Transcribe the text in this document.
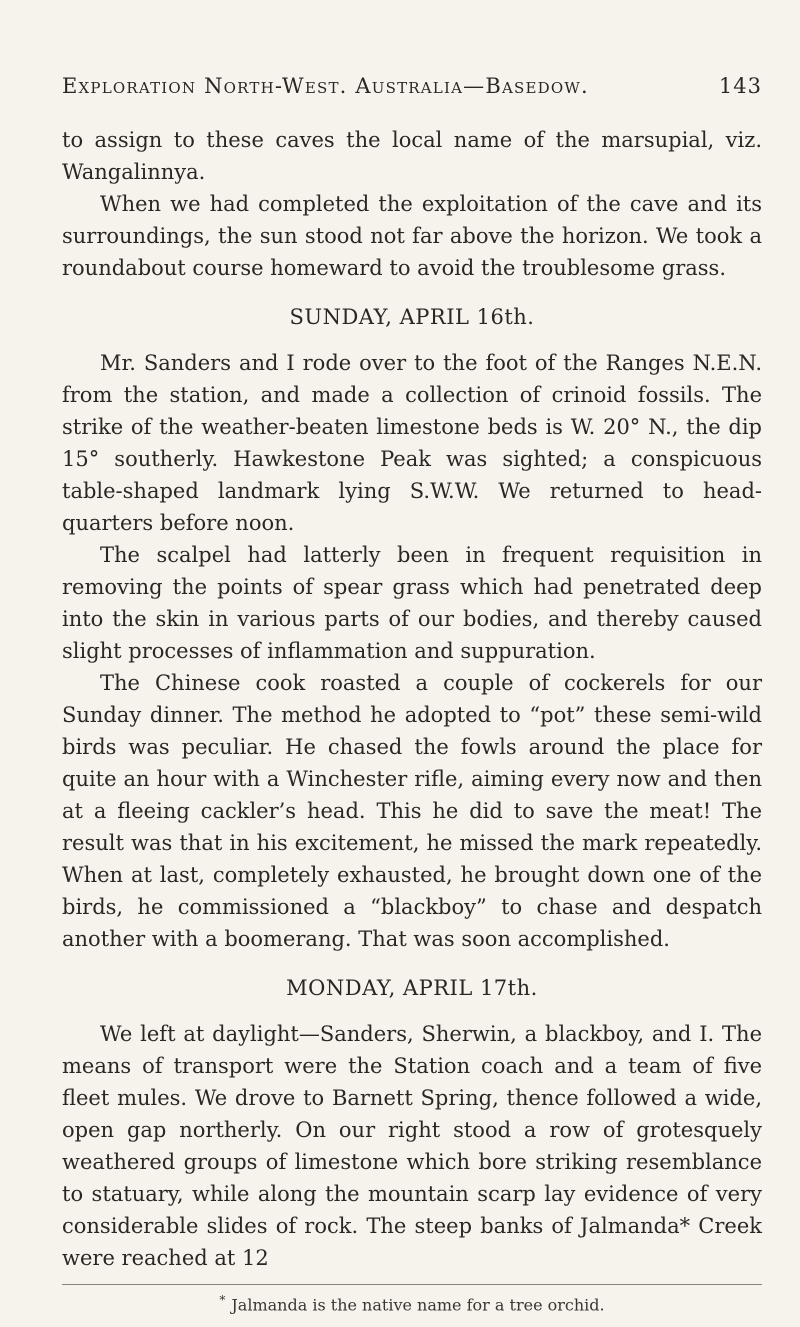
Exploration North-West. Australia—Basedow.	143

to assign to these caves the local name of the marsupial, viz. Wangalinnya.

When we had completed the exploitation of the cave and its surroundings, the sun stood not far above the horizon. We took a roundabout course homeward to avoid the troublesome grass.

SUNDAY, APRIL 16th.

Mr. Sanders and I rode over to the foot of the Ranges N.E.N. from the station, and made a collection of crinoid fossils. The strike of the weather-beaten limestone beds is W. 20° N., the dip 15° southerly. Hawkestone Peak was sighted; a conspicuous table-shaped landmark lying S.W.W. We returned to head-quarters before noon.

The scalpel had latterly been in frequent requisition in removing the points of spear grass which had penetrated deep into the skin in various parts of our bodies, and thereby caused slight processes of inflammation and suppuration.

The Chinese cook roasted a couple of cockerels for our Sunday dinner. The method he adopted to “pot” these semi-wild birds was peculiar. He chased the fowls around the place for quite an hour with a Winchester rifle, aiming every now and then at a fleeing cackler’s head. This he did to save the meat! The result was that in his excitement, he missed the mark repeatedly. When at last, completely exhausted, he brought down one of the birds, he commissioned a “blackboy” to chase and despatch another with a boomerang. That was soon accomplished.

MONDAY, APRIL 17th.

We left at daylight—Sanders, Sherwin, a blackboy, and I. The means of transport were the Station coach and a team of five fleet mules. We drove to Barnett Spring, thence followed a wide, open gap northerly. On our right stood a row of grotesquely weathered groups of limestone which bore striking resemblance to statuary, while along the mountain scarp lay evidence of very considerable slides of rock. The steep banks of Jalmanda* Creek were reached at 12

* Jalmanda is the native name for a tree orchid.
